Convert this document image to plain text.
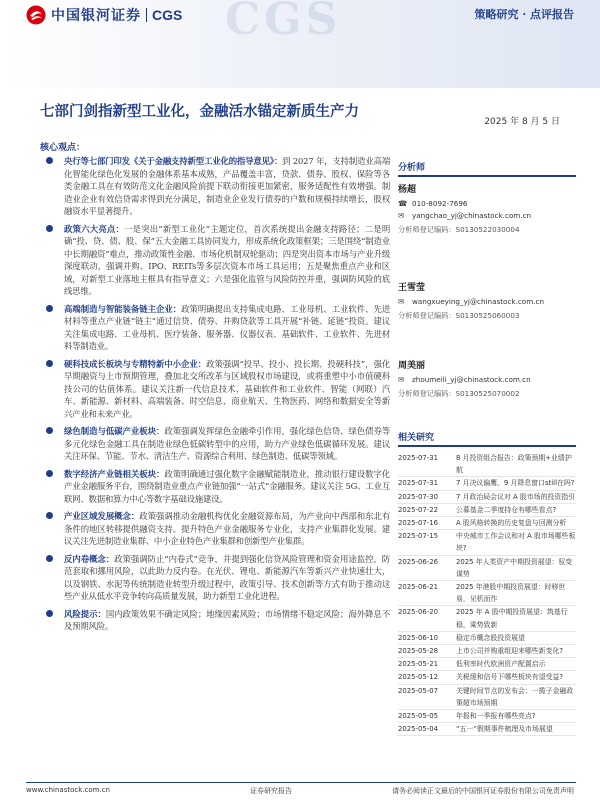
CGS
中国银河证券 CGS	策略研究 · 点评报告
七部门剑指新型工业化，金融活水锚定新质生产力
2025 年 8 月 5 日
核心观点：

央行等七部门印发《关于金融支持新型工业化的指导意见》：到 2027 年，支持制造业高端化智能化绿色化发展的金融体系基本成熟，产品覆盖丰富，贷款、债券、股权、保险等各类金融工具在有效防范文化金融风险前提下联动衔接更加紧密，服务适配性有效增强。制造业企业有效信贷需求得到充分满足，制造业企业发行债券的户数和规模持续增长，股权融资水平显著提升。

政策六大亮点：一是突出“新型工业化”主题定位，首次系统提出金融支持路径；二是明确“投、贷、债、股、保”五大金融工具协同发力，形成系统化政策框架；三是围绕“制造业中长期融资”难点，推动政策性金融、市场化机制双轮驱动；四是突出资本市场与产业升级深度联动，强调并购、IPO、REITs等多层次资本市场工具运用；五是聚焦重点产业和区域，对新型工业落地主框具有指导意义；六是强化监管与风险防控并重，强调防风险的底线思维。

高端制造与智能装备链主企业：政策明确提出支持集成电路、工业母机、工业软件、先进材料等重点产业链“链主”通过信贷、债券、并购贷款等工具开展“补链、延链”投资。建议关注集成电路、工业母机、医疗装备、服务器、仪器仪表、基础软件、工业软件、先进材料等制造业。

硬科技成长板块与专精特新中小企业：政策强调“投早、投小、投长期、投硬科技”，强化早期融资与上市预期管理，叠加北交所改革与区域股权市场建设，或将重塑中小市值硬科技公司的估值体系。建议关注新一代信息技术、基础软件和工业软件、智能（网联）汽车、新能源、新材料、高端装备、时空信息、商业航天、生物医药、网络和数据安全等新兴产业和未来产业。

绿色制造与低碳产业板块：政策强调发挥绿色金融牵引作用，强化绿色信贷、绿色债券等多元化绿色金融工具在制造业绿色低碳转型中的应用，助力产业绿色低碳循环发展。建议关注环保、节能、节水、清洁生产、资源综合利用、绿色制造、低碳等领域。

数字经济产业链相关板块：政策明确通过强化数字金融赋能制造业，推动银行建设数字化产业金融服务平台，围绕制造业重点产业链加强“一站式”金融服务。建议关注 5G、工业互联网、数据和算力中心等数字基础设施建设。

产业区域发展概念：政策强调推动金融机构优化金融资源布局，为产业向中西部和东北有条件的地区转移提供融资支持。提升特色产业金融服务专业化，支持产业集群化发展。建议关注先进制造业集群、中小企业特色产业集群和创新型产业集群。

反内卷概念：政策强调防止“内卷式”竞争，并提到强化信贷风险管理和资金用途监控，防范套取和挪用风险，以此助力反内卷。在光伏、锂电、新能源汽车等新兴产业快速壮大，以及钢铁、水泥等传统制造业转型升级过程中，政策引导、技术创新等方式有助于推动这些产业从低水平竞争转向高质量发展，助力新型工业化进程。

风险提示：国内政策效果不确定风险；地缘因素风险；市场情绪不稳定风险；海外降息不及预期风险。

分析师
杨超
☎ 010-8092-7696
✉	yangchao_yj@chinastock.com.cn
分析师登记编码：S0130522030004
王雪莹
✉	wangxueying_yj@chinastock.com.cn
分析师登记编码：S0130525060003
周美丽
✉	zhoumeili_yj@chinastock.com.cn
分析师登记编码：S0130525070002
相关研究
2025-07-31	8 月投资组合报告：政策预期+业绩护航
2025-07-31	7 月决议偏鹰，9 月降息窗口still在吗?
2025-07-30	7 月政治局会议对 A 股市场的投资指引
2025-07-22	公募基金二季度持仓有哪些看点?
2025-07-16	A 股风格转换的历史复盘与回测分析
2025-07-15	中央城市工作会议和对 A 股市场哪些板块?
2025-06-26	2025 年人类资产中期投资展望：驭变谋势
2025-06-21	2025 年港股中期投资展望：时移世易，见机而作
2025-06-20	2025 年 A 股中期投资展望：筑基行稳，乘势致新
2025-06-10	稳定币概念股投资展望
2025-05-28	上市公司并购重组迎来哪些新变化?
2025-05-21	低利率时代欧洲资产配置启示
2025-05-12	关税缓和信号下哪些板块有望受益?
2025-05-07	关键时间节点的发布会：一揽子金融政策超市场预期
2025-05-05	年报和一季报有哪些亮点?
2025-05-04	“五一”假期事件梳理及市场展望
www.chinastock.com.cn	证券研究报告	请务必阅读正文最后的中国银河证券股份有限公司免责声明
